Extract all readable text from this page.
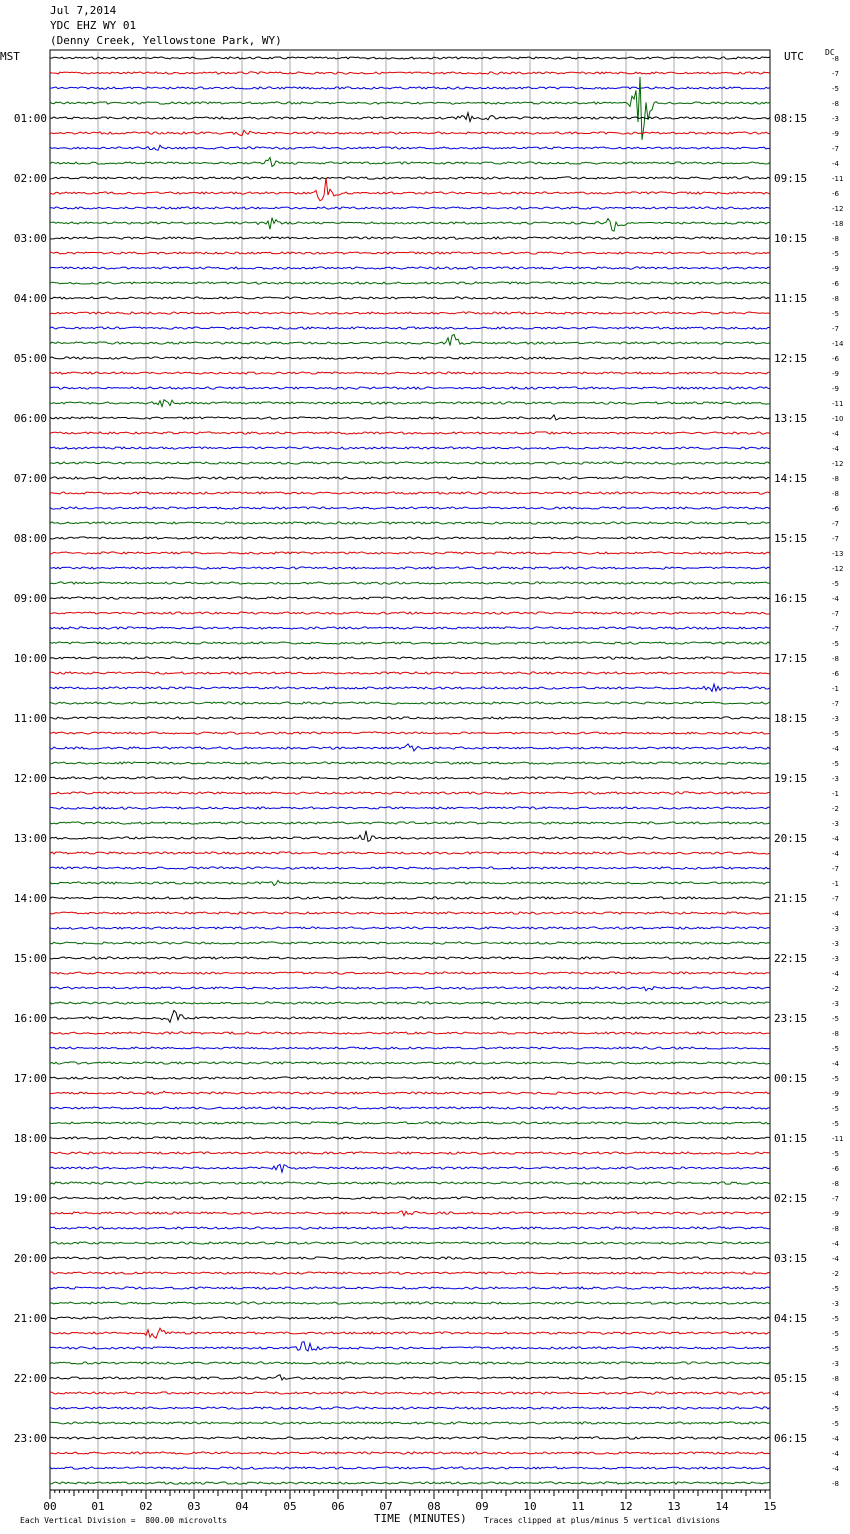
Jul 7,2014
YDC EHZ WY 01
(Denny Creek, Yellowstone Park, WY)
MST	UTC	DC
01:00	08:15
02:00	09:15
03:00	10:15
04:00	11:15
05:00	12:15
06:00	13:15
07:00	14:15
08:00	15:15
09:00	16:15
10:00	17:15
11:00	18:15
12:00	19:15
13:00	20:15
14:00	21:15
15:00	22:15
16:00	23:15
17:00	00:15
18:00	01:15
19:00	02:15
20:00	03:15
21:00	04:15
22:00	05:15
23:00	06:15
-8
-7
-5
-8
-3
-9
-7
-4
-11
-6
-12
-18
-8
-5
-9
-6
-8
-5
-7
-14
-6
-9
-9
-11
-10
-4
-4
-12
-8
-8
-6
-7
-7
-13
-12
-5
-4
-7
-7
-5
-8
-6
-1
-7
-3
-5
-4
-5
-3
-1
-2
-3
-4
-4
-7
-1
-7
-4
-3
-3
-3
-4
-2
-3
-5
-8
-5
-4
-5
-9
-5
-5
-11
-5
-6
-8
-7
-9
-8
-4
-4
-2
-5
-3
-5
-5
-5
-3
-8
-4
-5
-5
-4
-4
-4
-8
00	01	02	03	04	05	06	07	08	09	10	11	12	13	14	15
Each Vertical Division =  800.00 microvolts	TIME (MINUTES) Traces clipped at plus/minus 5 vertical divisions
